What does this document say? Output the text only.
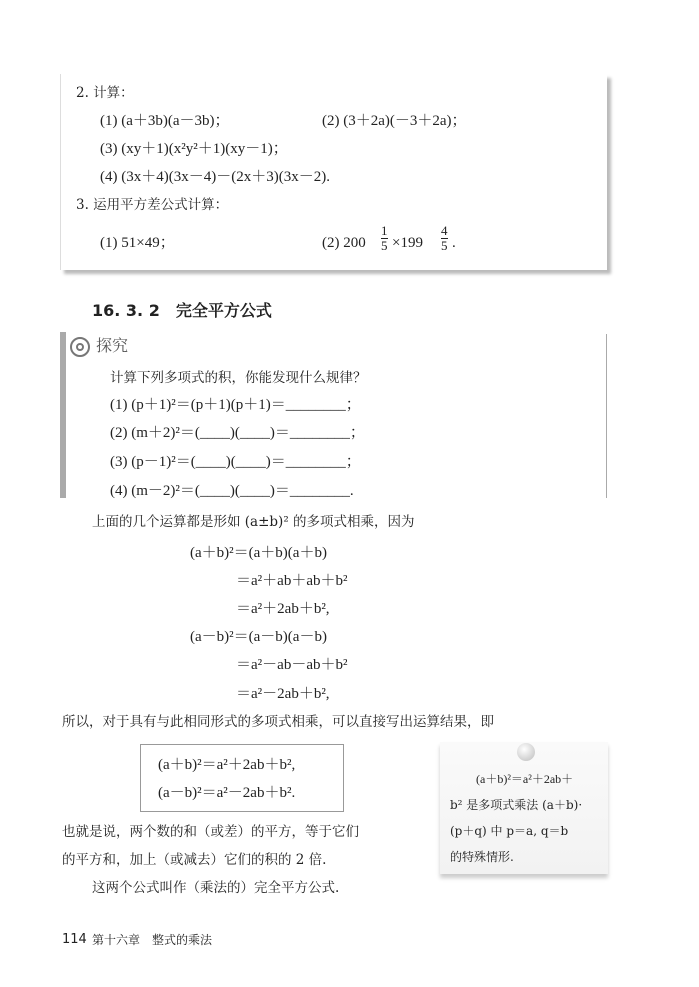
2. 计算：
(1) (a＋3b)(a－3b)；	(2) (3＋2a)(－3＋2a)；
(3) (xy＋1)(x²y²＋1)(xy－1)；
(4) (3x＋4)(3x－4)－(2x＋3)(3x－2).
3. 运用平方差公式计算：
(1) 51×49；	(2) $200 \frac{1}{5} \times 199 \frac{4}{5}$ .
16. 3. 2　完全平方公式
探究
计算下列多项式的积，你能发现什么规律？
(1) (p＋1)²＝(p＋1)(p＋1)＝________；
(2) (m＋2)²＝(____)(____)＝________；
(3) (p－1)²＝(____)(____)＝________；
(4) (m－2)²＝(____)(____)＝________.
上面的几个运算都是形如 (a±b)² 的多项式相乘，因为
(a＋b)²＝(a＋b)(a＋b)
＝a²＋ab＋ab＋b²
＝a²＋2ab＋b²,
(a－b)²＝(a－b)(a－b)
＝a²－ab－ab＋b²
＝a²－2ab＋b²,
所以，对于具有与此相同形式的多项式相乘，可以直接写出运算结果，即
(a＋b)²＝a²＋2ab＋b²,
(a－b)²＝a²－2ab＋b².
也就是说，两个数的和（或差）的平方，等于它们
的平方和，加上（或减去）它们的积的 2 倍.
这两个公式叫作（乘法的）完全平方公式.
(a＋b)²＝a²＋2ab＋
b² 是多项式乘法 (a＋b)·
(p＋q) 中 p＝a, q＝b
的特殊情形.
114 第十六章　整式的乘法
